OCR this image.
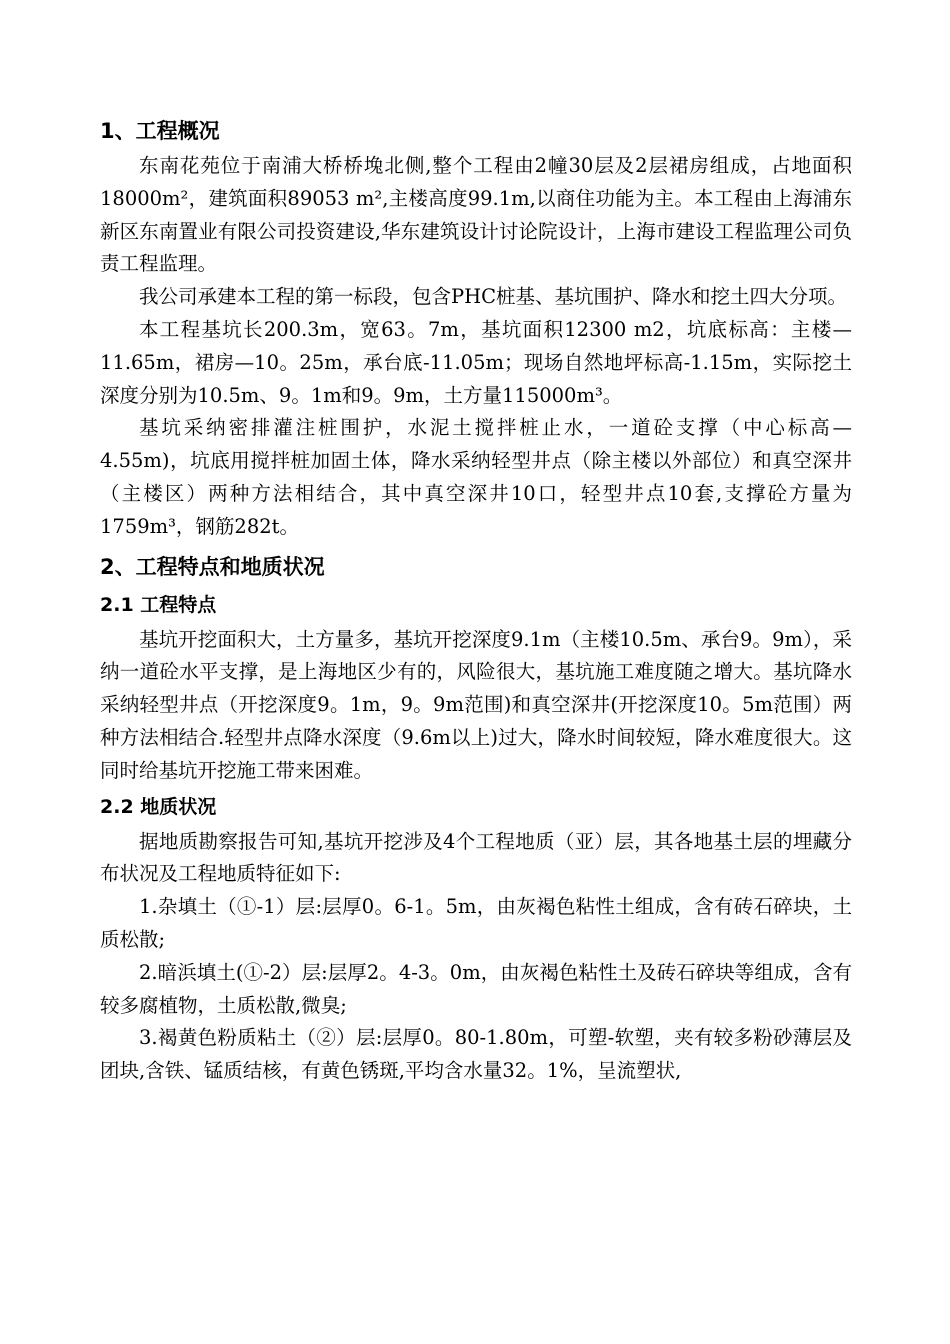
1、工程概况

东南花苑位于南浦大桥桥堍北侧,整个工程由2幢30层及2层裙房组成，占地面积18000m²，建筑面积89053 m²,主楼高度99.1m,以商住功能为主。本工程由上海浦东新区东南置业有限公司投资建设,华东建筑设计讨论院设计，上海市建设工程监理公司负责工程监理。

我公司承建本工程的第一标段，包含PHC桩基、基坑围护、降水和挖土四大分项。

本工程基坑长200.3m，宽63。7m，基坑面积12300 m2，坑底标高：主楼—11.65m，裙房—10。25m，承台底-11.05m；现场自然地坪标高-1.15m，实际挖土深度分别为10.5m、9。1m和9。9m，土方量115000m³。

基坑采纳密排灌注桩围护，水泥土搅拌桩止水，一道砼支撑（中心标高—4.55m)，坑底用搅拌桩加固土体，降水采纳轻型井点（除主楼以外部位）和真空深井（主楼区）两种方法相结合，其中真空深井10口，轻型井点10套,支撑砼方量为1759m³，钢筋282t。

2、工程特点和地质状况
2.1 工程特点

基坑开挖面积大，土方量多，基坑开挖深度9.1m（主楼10.5m、承台9。9m），采纳一道砼水平支撑，是上海地区少有的，风险很大，基坑施工难度随之增大。基坑降水采纳轻型井点（开挖深度9。1m，9。9m范围)和真空深井(开挖深度10。5m范围）两种方法相结合.轻型井点降水深度（9.6m以上)过大，降水时间较短，降水难度很大。这同时给基坑开挖施工带来困难。

2.2 地质状况

据地质勘察报告可知,基坑开挖涉及4个工程地质（亚）层，其各地基土层的埋藏分布状况及工程地质特征如下:

1.杂填土（①-1）层:层厚0。6-1。5m，由灰褐色粘性土组成，含有砖石碎块，土质松散;

2.暗浜填土(①-2）层:层厚2。4-3。0m，由灰褐色粘性土及砖石碎块等组成，含有较多腐植物，土质松散,微臭;

3.褐黄色粉质粘土（②）层:层厚0。80-1.80m，可塑-软塑，夹有较多粉砂薄层及团块,含铁、锰质结核，有黄色锈斑,平均含水量32。1%，呈流塑状,
